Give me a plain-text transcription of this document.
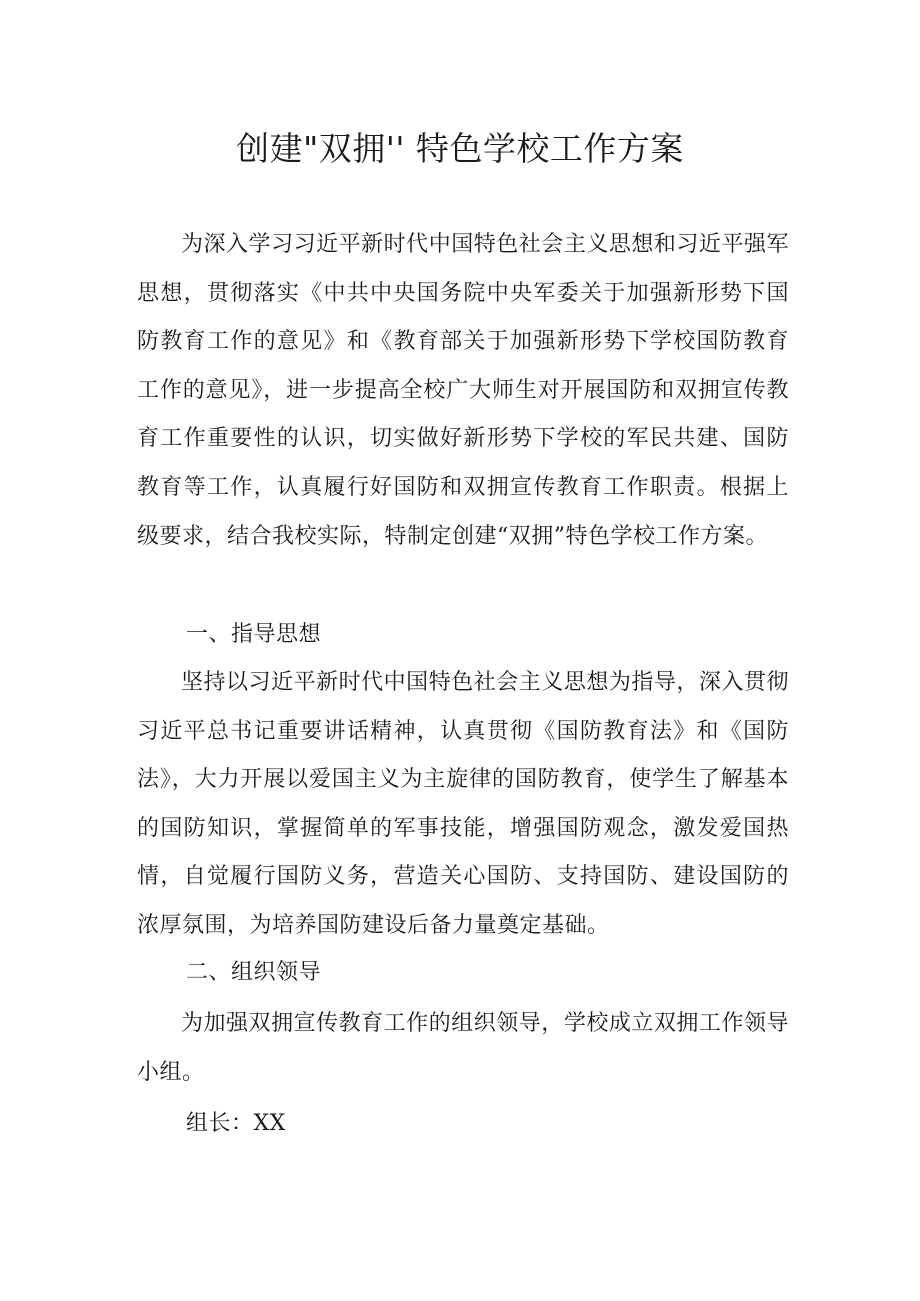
创建"双拥'' 特色学校工作方案

为深入学习习近平新时代中国特色社会主义思想和习近平强军思想，贯彻落实《中共中央国务院中央军委关于加强新形势下国防教育工作的意见》和《教育部关于加强新形势下学校国防教育工作的意见》，进一步提高全校广大师生对开展国防和双拥宣传教育工作重要性的认识，切实做好新形势下学校的军民共建、国防教育等工作，认真履行好国防和双拥宣传教育工作职责。根据上级要求，结合我校实际，特制定创建“双拥”特色学校工作方案。

一、指导思想

坚持以习近平新时代中国特色社会主义思想为指导，深入贯彻习近平总书记重要讲话精神，认真贯彻《国防教育法》和《国防法》，大力开展以爱国主义为主旋律的国防教育，使学生了解基本的国防知识，掌握简单的军事技能，增强国防观念，激发爱国热情，自觉履行国防义务，营造关心国防、支持国防、建设国防的浓厚氛围，为培养国防建设后备力量奠定基础。

二、组织领导

为加强双拥宣传教育工作的组织领导，学校成立双拥工作领导小组。

组长：XX
